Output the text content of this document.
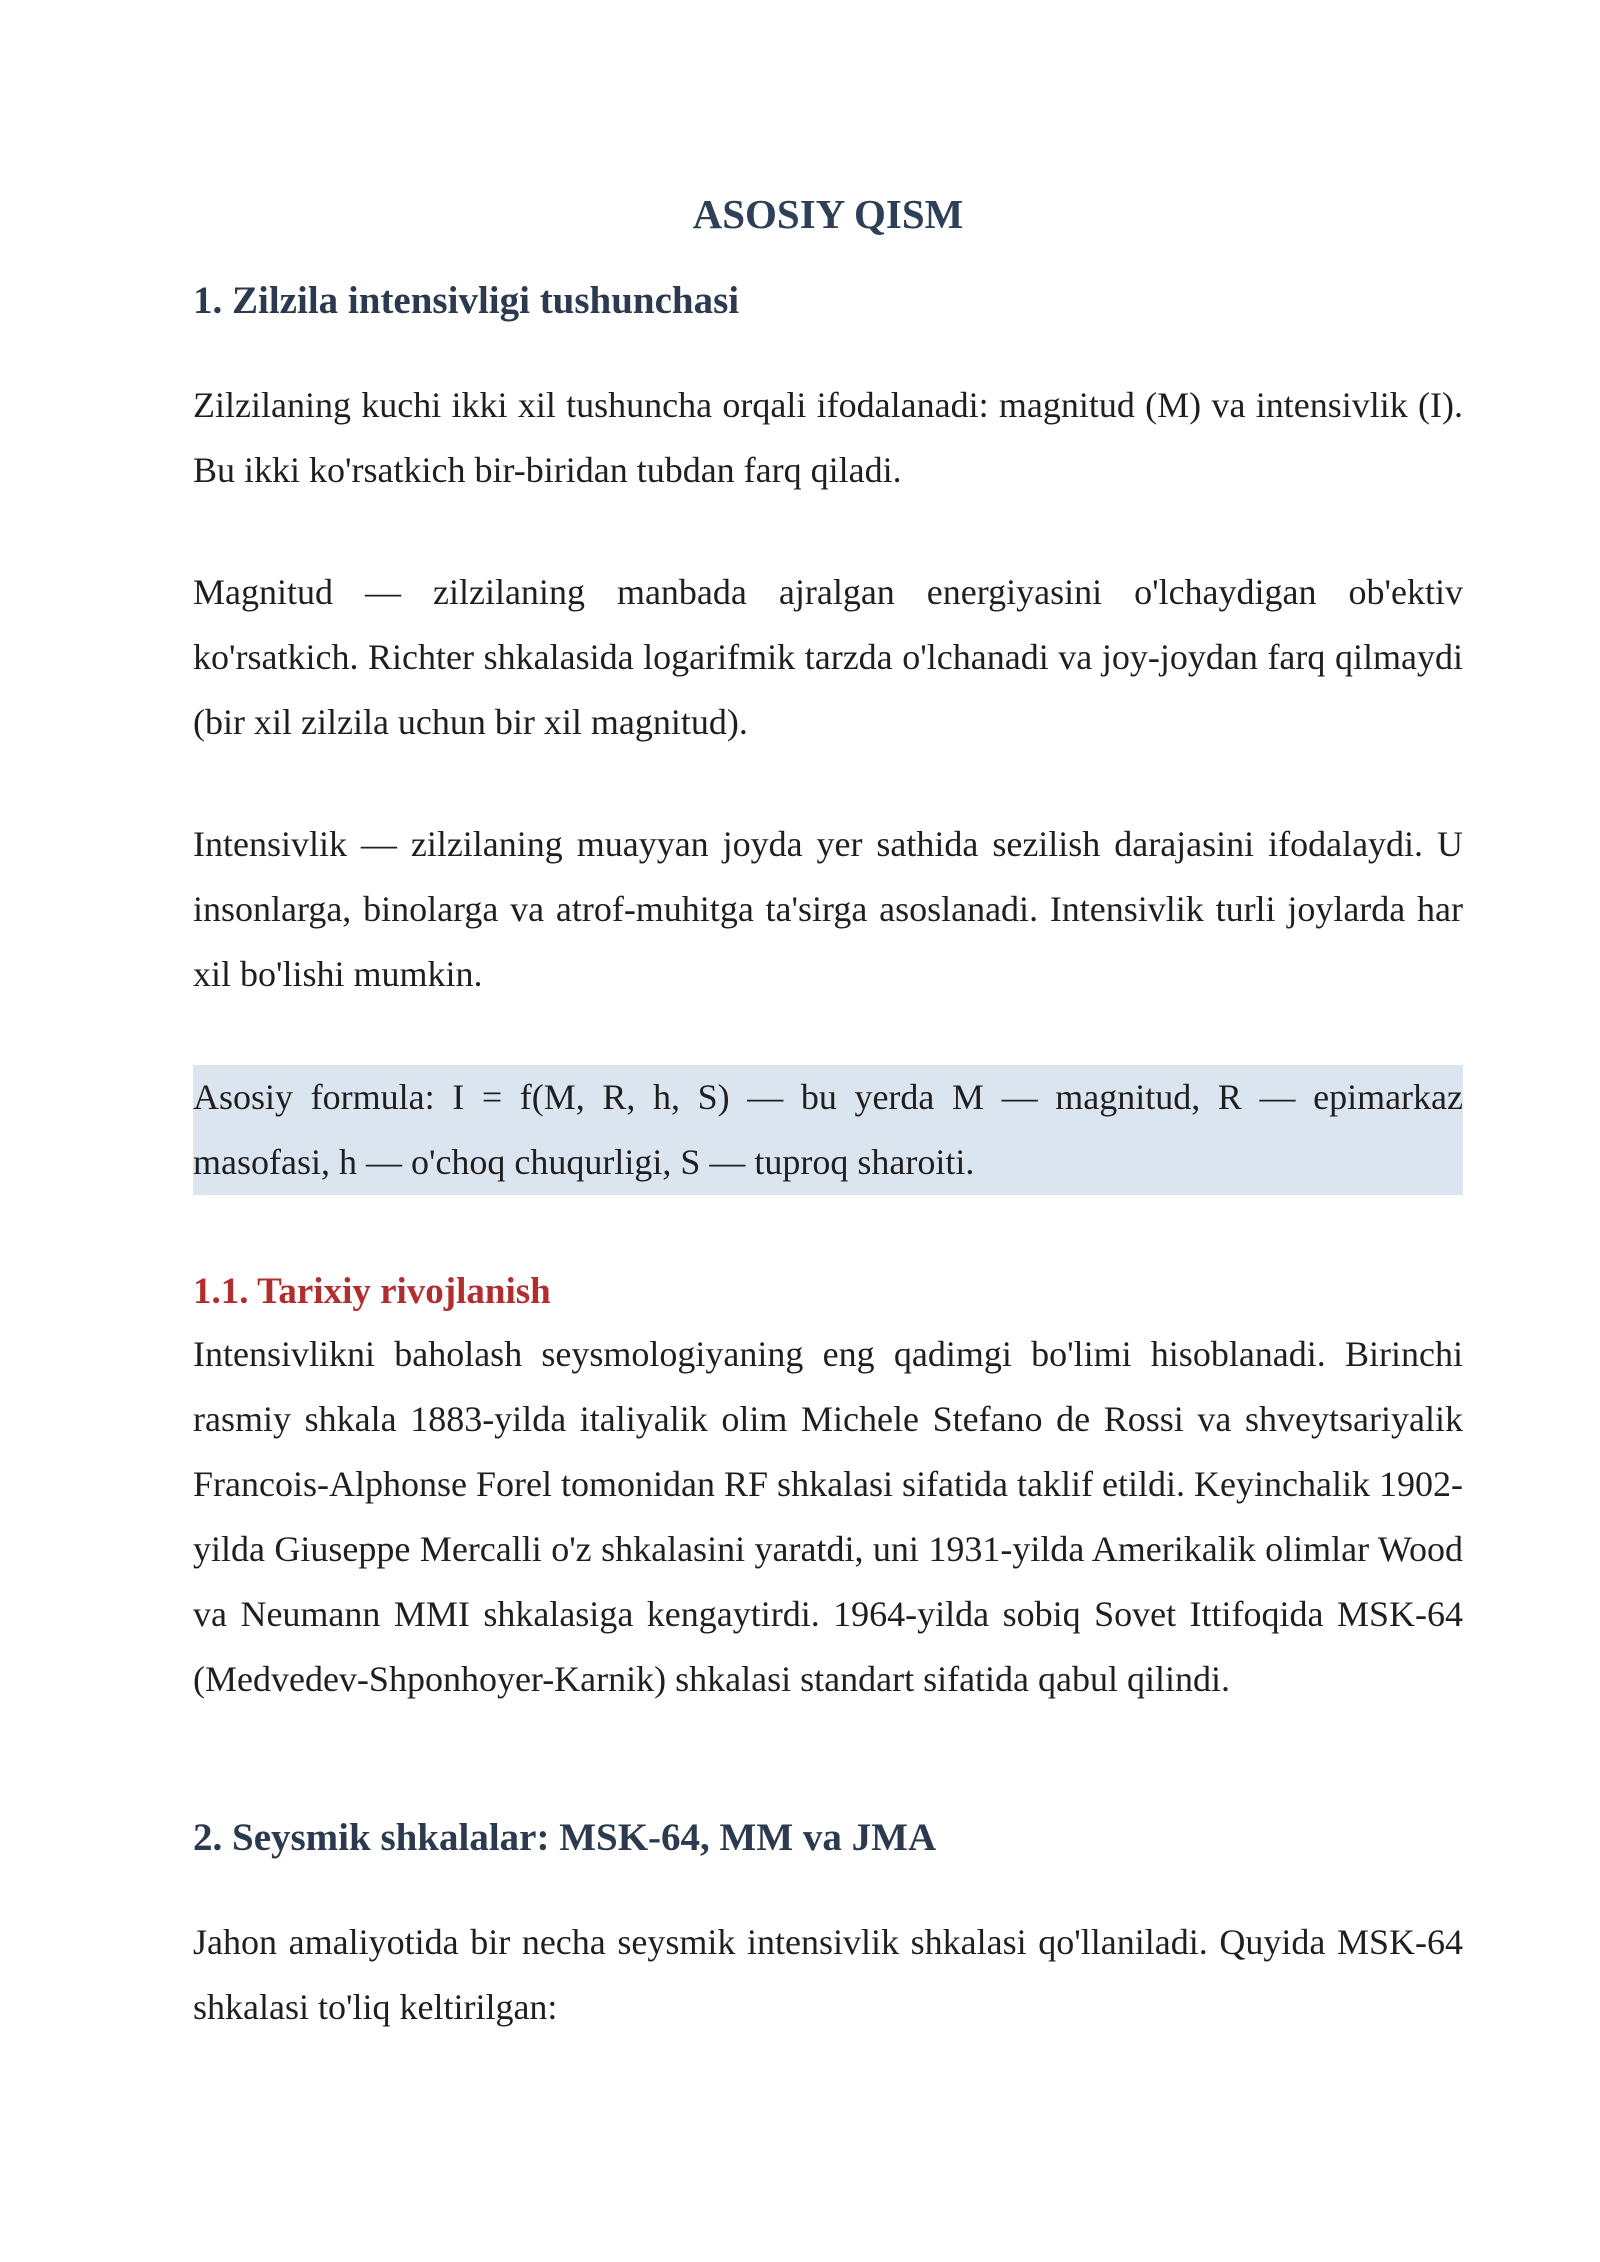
ASOSIY QISM
1. Zilzila intensivligi tushunchasi

Zilzilaning kuchi ikki xil tushuncha orqali ifodalanadi: magnitud (M) va intensivlik (I). Bu ikki ko'rsatkich bir-biridan tubdan farq qiladi.

Magnitud — zilzilaning manbada ajralgan energiyasini o'lchaydigan ob'ektiv ko'rsatkich. Richter shkalasida logarifmik tarzda o'lchanadi va joy-joydan farq qilmaydi (bir xil zilzila uchun bir xil magnitud).

Intensivlik — zilzilaning muayyan joyda yer sathida sezilish darajasini ifodalaydi. U insonlarga, binolarga va atrof-muhitga ta'sirga asoslanadi. Intensivlik turli joylarda har xil bo'lishi mumkin.

Asosiy formula: I = f(M, R, h, S) — bu yerda M — magnitud, R — epimarkaz masofasi, h — o'choq chuqurligi, S — tuproq sharoiti.

1.1. Tarixiy rivojlanish

Intensivlikni baholash seysmologiyaning eng qadimgi bo'limi hisoblanadi. Birinchi rasmiy shkala 1883-yilda italiyalik olim Michele Stefano de Rossi va shveytsariyalik Francois-Alphonse Forel tomonidan RF shkalasi sifatida taklif etildi. Keyinchalik 1902-yilda Giuseppe Mercalli o'z shkalasini yaratdi, uni 1931-yilda Amerikalik olimlar Wood va Neumann MMI shkalasiga kengaytirdi. 1964-yilda sobiq Sovet Ittifoqida MSK-64 (Medvedev-Shponhoyer-Karnik) shkalasi standart sifatida qabul qilindi.

2. Seysmik shkalalar: MSK-64, MM va JMA

Jahon amaliyotida bir necha seysmik intensivlik shkalasi qo'llaniladi. Quyida MSK-64 shkalasi to'liq keltirilgan:
